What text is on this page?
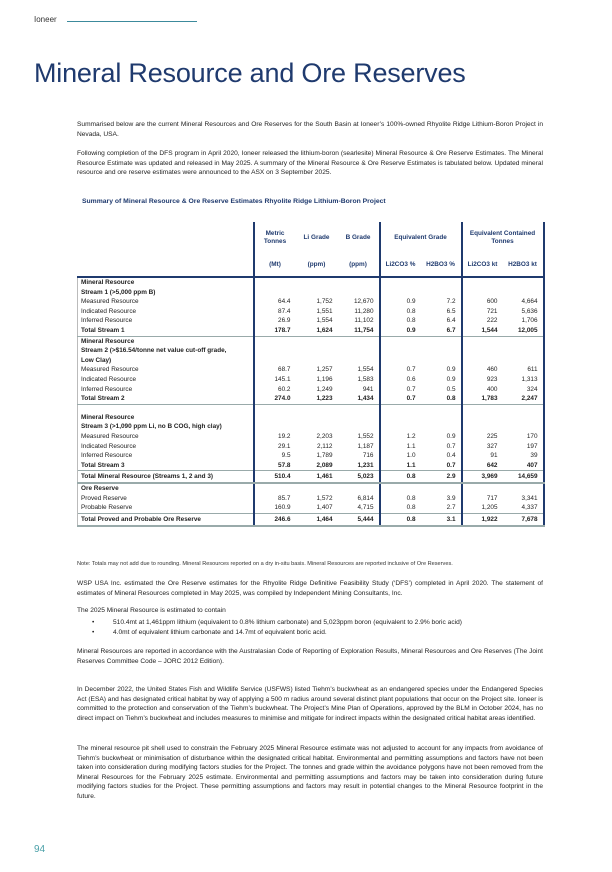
Ioneer
Mineral Resource and Ore Reserves
Summarised below are the current Mineral Resources and Ore Reserves for the South Basin at Ioneer’s 100%-owned Rhyolite Ridge Lithium-Boron Project in Nevada, USA.
Following completion of the DFS program in April 2020, Ioneer released the lithium-boron (searlesite) Mineral Resource & Ore Reserve Estimates. The Mineral Resource Estimate was updated and released in May 2025. A summary of the Mineral Resource & Ore Reserve Estimates is tabulated below. Updated mineral resource and ore reserve estimates were announced to the ASX on 3 September 2025.
Summary of Mineral Resource & Ore Reserve Estimates Rhyolite Ridge Lithium-Boron Project
	Metric Tonnes	Li Grade	B Grade	Equivalent Grade		Equivalent Contained Tonnes	
	(Mt)	(ppm)	(ppm)	Li2CO3 %	H2BO3 %	Li2CO3 kt	H2BO3 kt
Mineral Resource							
Stream 1 (>5,000 ppm B)							
Measured Resource	64.4	1,752	12,670	0.9	7.2	600	4,664
Indicated Resource	87.4	1,551	11,280	0.8	6.5	721	5,636
Inferred Resource	26.9	1,554	11,102	0.8	6.4	222	1,706
Total Stream 1	178.7	1,624	11,754	0.9	6.7	1,544	12,005
Mineral Resource							
Stream 2 (>$16.54/tonne net value cut-off grade,							
Low Clay)							
Measured Resource	68.7	1,257	1,554	0.7	0.9	460	611
Indicated Resource	145.1	1,196	1,583	0.6	0.9	923	1,313
Inferred Resource	60.2	1,249	941	0.7	0.5	400	324
Total Stream 2	274.0	1,223	1,434	0.7	0.8	1,783	2,247

Mineral Resource							
Stream 3 (>1,090 ppm Li, no B COG, high clay)							
Measured Resource	19.2	2,203	1,552	1.2	0.9	225	170
Indicated Resource	29.1	2,112	1,187	1.1	0.7	327	197
Inferred Resource	9.5	1,789	716	1.0	0.4	91	39
Total Stream 3	57.8	2,089	1,231	1.1	0.7	642	407
Total Mineral Resource (Streams 1, 2 and 3)	510.4	1,461	5,023	0.8	2.9	3,969	14,659
Ore Reserve							
Proved Reserve	85.7	1,572	6,814	0.8	3.9	717	3,341
Probable Reserve	160.9	1,407	4,715	0.8	2.7	1,205	4,337
Total Proved and Probable Ore Reserve	246.6	1,464	5,444	0.8	3.1	1,922	7,678
Note: Totals may not add due to rounding. Mineral Resources reported on a dry in-situ basis. Mineral Resources are reported inclusive of Ore Reserves.
WSP USA Inc. estimated the Ore Reserve estimates for the Rhyolite Ridge Definitive Feasibility Study (‘DFS’) completed in April 2020. The statement of estimates of Mineral Resources completed in May 2025, was compiled by Independent Mining Consultants, Inc.
The 2025 Mineral Resource is estimated to contain
• 510.4mt at 1,461ppm lithium (equivalent to 0.8% lithium carbonate) and 5,023ppm boron (equivalent to 2.9% boric acid)
• 4.0mt of equivalent lithium carbonate and 14.7mt of equivalent boric acid.
Mineral Resources are reported in accordance with the Australasian Code of Reporting of Exploration Results, Mineral Resources and Ore Reserves (The Joint Reserves Committee Code – JORC 2012 Edition).
In December 2022, the United States Fish and Wildlife Service (USFWS) listed Tiehm’s buckwheat as an endangered species under the Endangered Species Act (ESA) and has designated critical habitat by way of applying a 500 m radius around several distinct plant populations that occur on the Project site. Ioneer is committed to the protection and conservation of the Tiehm’s buckwheat. The Project’s Mine Plan of Operations, approved by the BLM in October 2024, has no direct impact on Tiehm’s buckwheat and includes measures to minimise and mitigate for indirect impacts within the designated critical habitat areas identified.
The mineral resource pit shell used to constrain the February 2025 Mineral Resource estimate was not adjusted to account for any impacts from avoidance of Tiehm’s buckwheat or minimisation of disturbance within the designated critical habitat. Environmental and permitting assumptions and factors have not been taken into consideration during modifying factors studies for the Project. The tonnes and grade within the avoidance polygons have not been removed from the Mineral Resources for the February 2025 estimate. Environmental and permitting assumptions and factors may be taken into consideration during future modifying factors studies for the Project. These permitting assumptions and factors may result in potential changes to the Mineral Resource footprint in the future.
94
